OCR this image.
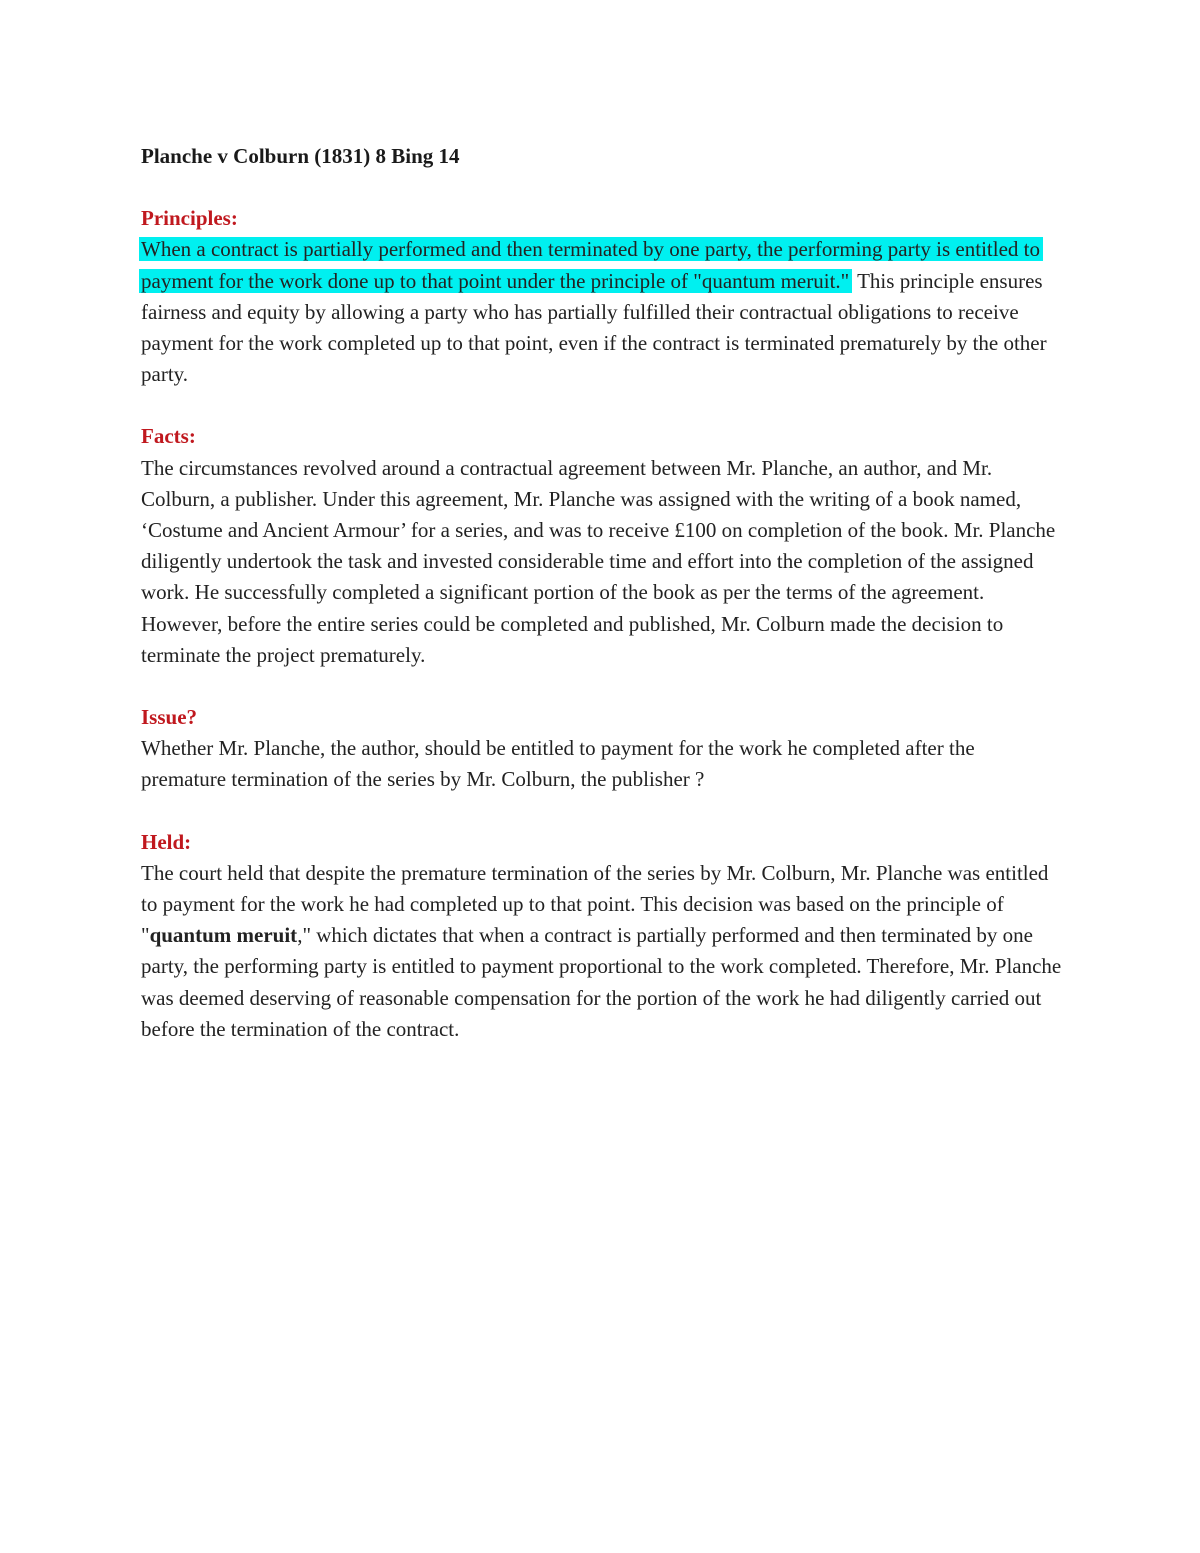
Planche v Colburn (1831) 8 Bing 14

Principles:

When a contract is partially performed and then terminated by one party, the performing party is entitled to payment for the work done up to that point under the principle of "quantum meruit." This principle ensures fairness and equity by allowing a party who has partially fulfilled their contractual obligations to receive payment for the work completed up to that point, even if the contract is terminated prematurely by the other party.

Facts:

The circumstances revolved around a contractual agreement between Mr. Planche, an author, and Mr. Colburn, a publisher. Under this agreement, Mr. Planche was assigned with the writing of a book named, ‘Costume and Ancient Armour’ for a series, and was to receive £100 on completion of the book. Mr. Planche diligently undertook the task and invested considerable time and effort into the completion of the assigned work. He successfully completed a significant portion of the book as per the terms of the agreement. However, before the entire series could be completed and published, Mr. Colburn made the decision to terminate the project prematurely.

Issue?

Whether Mr. Planche, the author, should be entitled to payment for the work he completed after the premature termination of the series by Mr. Colburn, the publisher ?

Held:

The court held that despite the premature termination of the series by Mr. Colburn, Mr. Planche was entitled to payment for the work he had completed up to that point. This decision was based on the principle of "quantum meruit," which dictates that when a contract is partially performed and then terminated by one party, the performing party is entitled to payment proportional to the work completed. Therefore, Mr. Planche was deemed deserving of reasonable compensation for the portion of the work he had diligently carried out before the termination of the contract.
